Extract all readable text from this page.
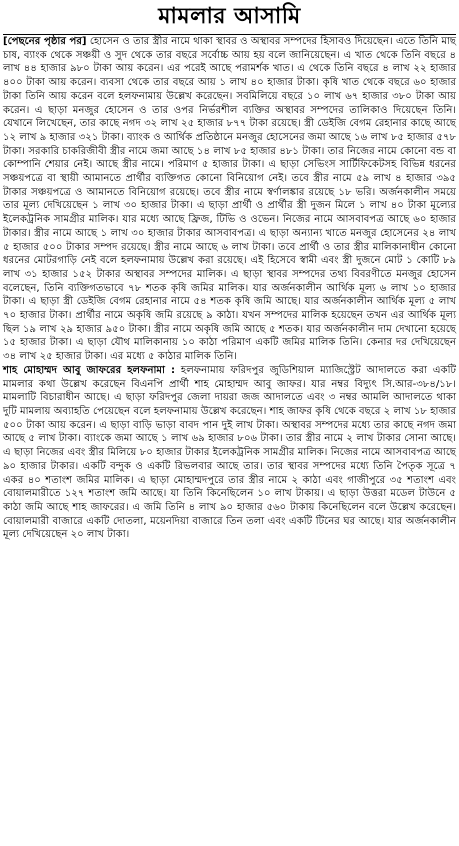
মামলার আসামি

[পেছনের পৃষ্ঠার পর] হোসেন ও তার স্ত্রীর নামে থাকা স্থাবর ও অস্থাবর সম্পদের হিসাবও দিয়েছেন। এতে তিনি মাছ চাষ, ব্যাংক থেকে সঞ্চয়ী ও সুদ থেকে তার বছরে সর্বোচ্চ আয় হয় বলে জানিয়েছেন। এ খাত থেকে তিনি বছরে ৪ লাখ ৪৪ হাজার ৯৮০ টাকা আয় করেন। এর পরেই আছে পরামর্শক খাত। এ থেকে তিনি বছরে ৪ লাখ ২২ হাজার ৪০০ টাকা আয় করেন। ব্যবসা থেকে তার বছরে আয় ১ লাখ ৪০ হাজার টাকা। কৃষি খাত থেকে বছরে ৬০ হাজার টাকা তিনি আয় করেন বলে হলফনামায় উল্লেখ করেছেন। সবমিলিয়ে বছরে ১০ লাখ ৬৭ হাজার ৩৮০ টাকা আয় করেন। এ ছাড়া মনজুর হোসেন ও তার ওপর নির্ভরশীল ব্যক্তির অস্থাবর সম্পদের তালিকাও দিয়েছেন তিনি। যেখানে লিখেছেন, তার কাছে নগদ ৩২ লাখ ২৫ হাজার ৮৭৭ টাকা রয়েছে। স্ত্রী ডেইজি বেগম রেহানার কাছে আছে ১২ লাখ ৯ হাজার ৩২১ টাকা। ব্যাংক ও আর্থিক প্রতিষ্ঠানে মনজুর হোসেনের জমা আছে ১৬ লাখ ৮৫ হাজার ৫৭৮ টাকা। সরকারি চাকরিজীবী স্ত্রীর নামে জমা আছে ১৪ লাখ ৮৫ হাজার ৪৮১ টাকা। তার নিজের নামে কোনো বন্ড বা কোম্পানি শেয়ার নেই। আছে স্ত্রীর নামে। পরিমাণ ৫ হাজার টাকা। এ ছাড়া সেভিংস সার্টিফিকেটসহ বিভিন্ন ধরনের সঞ্চয়পত্রে বা স্থায়ী আমানতে প্রার্থীর ব্যক্তিগত কোনো বিনিয়োগ নেই। তবে স্ত্রীর নামে ৫৯ লাখ ৪ হাজার ৩৯৫ টাকার সঞ্চয়পত্রে ও আমানতে বিনিয়োগ রয়েছে। তবে স্ত্রীর নামে স্বর্ণালঙ্কার রয়েছে ১৮ ভরি। অর্জনকালীন সময়ে তার মূল্য দেখিয়েছেন ১ লাখ ৩০ হাজার টাকা। এ ছাড়া প্রার্থী ও প্রার্থীর স্ত্রী দুজন মিলে ১ লাখ ৪০ টাকা মূল্যের ইলেকট্রনিক সামগ্রীর মালিক। যার মধ্যে আছে ফ্রিজ, টিভি ও ওভেন। নিজের নামে আসবাবপত্র আছে ৬০ হাজার টাকার। স্ত্রীর নামে আছে ১ লাখ ৩০ হাজার টাকার আসবাবপত্র। এ ছাড়া অন্যান্য খাতে মনজুর হোসেনের ২৪ লাখ ৫ হাজার ৫০০ টাকার সম্পদ রয়েছে। স্ত্রীর নামে আছে ৬ লাখ টাকা। তবে প্রার্থী ও তার স্ত্রীর মালিকানাধীন কোনো ধরনের মোটরগাড়ি নেই বলে হলফনামায় উল্লেখ করা রয়েছে। এই হিসেবে স্বামী এবং স্ত্রী দুজনে মোট ১ কোটি ৮৯ লাখ ৩১ হাজার ১৫২ টাকার অস্থাবর সম্পদের মালিক। এ ছাড়া স্থাবর সম্পদের তথ্য বিবরণীতে মনজুর হোসেন বলেছেন, তিনি ব্যক্তিগতভাবে ৭৮ শতক কৃষি জমির মালিক। যার অর্জনকালীন আর্থিক মূল্য ৬ লাখ ১০ হাজার টাকা। এ ছাড়া স্ত্রী ডেইজি বেগম রেহানার নামে ৫৪ শতক কৃষি জমি আছে। যার অর্জনকালীন আর্থিক মূল্য ৫ লাখ ৭০ হাজার টাকা। প্রার্থীর নামে অকৃষি জমি রয়েছে ৯ কাঠা। যখন সম্পদের মালিক হয়েছেন তখন এর আর্থিক মূল্য ছিল ১৯ লাখ ২৯ হাজার ৯৫০ টাকা। স্ত্রীর নামে অকৃষি জমি আছে ৫ শতক। যার অর্জনকালীন দাম দেখানো হয়েছে ১৫ হাজার টাকা। এ ছাড়া যৌথ মালিকানায় ১০ কাঠা পরিমাণ একটি জমির মালিক তিনি। কেনার দর দেখিয়েছেন ৩৪ লাখ ২৫ হাজার টাকা। এর মধ্যে ৫ কাঠার মালিক তিনি।

শাহ মোহাম্মদ আবু জাফরের হলফনামা : হলফনামায় ফরিদপুর জুডিশিয়াল ম্যাজিস্ট্রেট আদালতে করা একটি মামলার কথা উল্লেখ করেছেন বিএনপি প্রার্থী শাহ মোহাম্মদ আবু জাফর। যার নম্বর বিদ্যুৎ সি.আর-৩৮৪/১৮। মামলাটি বিচারাধীন আছে। এ ছাড়া ফরিদপুর জেলা দায়রা জজ আদালতে এবং ৩ নম্বর আমলি আদালতে থাকা দুটি মামলায় অব্যাহতি পেয়েছেন বলে হলফনামায় উল্লেখ করেছেন। শাহ জাফর কৃষি থেকে বছরে ২ লাখ ১৮ হাজার ৫০০ টাকা আয় করেন। এ ছাড়া বাড়ি ভাড়া বাবদ পান দুই লাখ টাকা। অস্থাবর সম্পদের মধ্যে তার কাছে নগদ জমা আছে ৫ লাখ টাকা। ব্যাংকে জমা আছে ১ লাখ ৬৯ হাজার ৮০৬ টাকা। তার স্ত্রীর নামে ২ লাখ টাকার সোনা আছে। এ ছাড়া নিজের এবং স্ত্রীর মিলিয়ে ৮০ হাজার টাকার ইলেকট্রনিক সামগ্রীর মালিক। নিজের নামে আসবাবপত্র আছে ৯০ হাজার টাকার। একটি বন্দুক ও একটি রিভলবার আছে তার। তার স্থাবর সম্পদের মধ্যে তিনি পৈতৃক সূত্রে ৭ একর ৪০ শতাংশ জমির মালিক। এ ছাড়া মোহাম্মদপুরে তার স্ত্রীর নামে ২ কাঠা এবং গাজীপুরে ৩৫ শতাংশ এবং বোয়ালমারীতে ১২৭ শতাংশ জমি আছে। যা তিনি কিনেছিলেন ১০ লাখ টাকায়। এ ছাড়া উত্তরা মডেল টাউনে ৫ কাঠা জমি আছে শাহ জাফরের। এ জমি তিনি ৪ লাখ ৯০ হাজার ৫৬০ টাকায় কিনেছিলেন বলে উল্লেখ করেছেন। বোয়ালমারী বাজারে একটি দোতলা, ময়েনদিয়া বাজারে তিন তলা এবং একটি টিনের ঘর আছে। যার অর্জনকালীন মূল্য দেখিয়েছেন ২০ লাখ টাকা।
